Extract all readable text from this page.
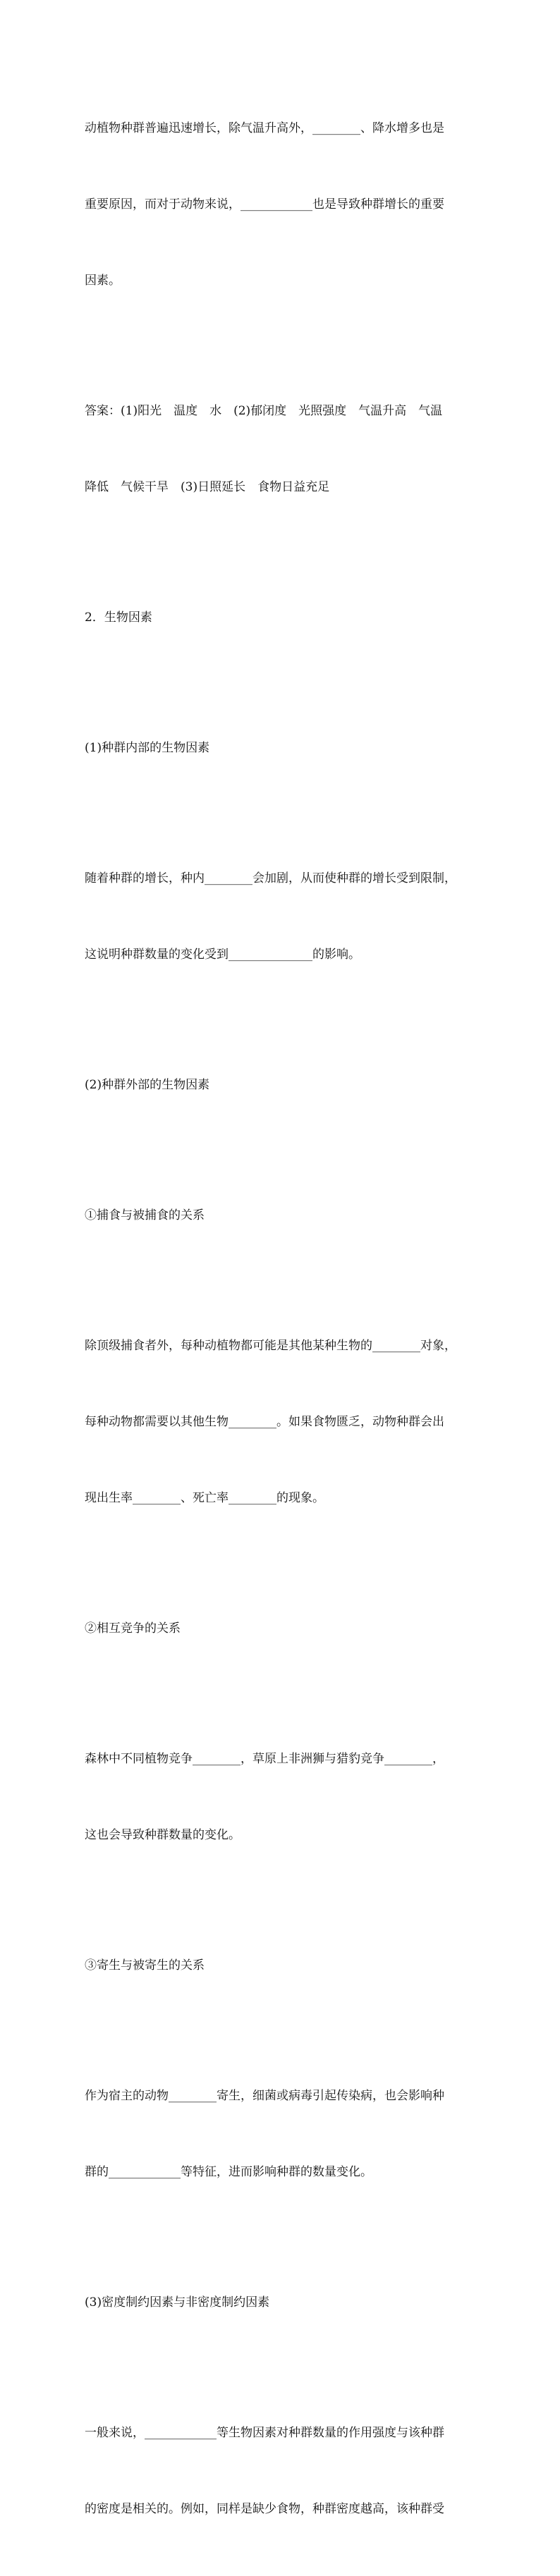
动植物种群普遍迅速增长，除气温升高外，________、降水增多也是

重要原因，而对于动物来说，____________也是导致种群增长的重要

因素。

答案：(1)阳光　温度　水　(2)郁闭度　光照强度　气温升高　气温

降低　气候干旱　(3)日照延长　食物日益充足

2．生物因素

(1)种群内部的生物因素

随着种群的增长，种内________会加剧，从而使种群的增长受到限制，

这说明种群数量的变化受到______________的影响。

(2)种群外部的生物因素

①捕食与被捕食的关系

除顶级捕食者外，每种动植物都可能是其他某种生物的________对象，

每种动物都需要以其他生物________。如果食物匮乏，动物种群会出

现出生率________、死亡率________的现象。

②相互竞争的关系

森林中不同植物竞争________，草原上非洲狮与猎豹竞争________，

这也会导致种群数量的变化。

③寄生与被寄生的关系

作为宿主的动物________寄生，细菌或病毒引起传染病，也会影响种

群的____________等特征，进而影响种群的数量变化。

(3)密度制约因素与非密度制约因素

一般来说，____________等生物因素对种群数量的作用强度与该种群

的密度是相关的。例如，同样是缺少食物，种群密度越高，该种群受
